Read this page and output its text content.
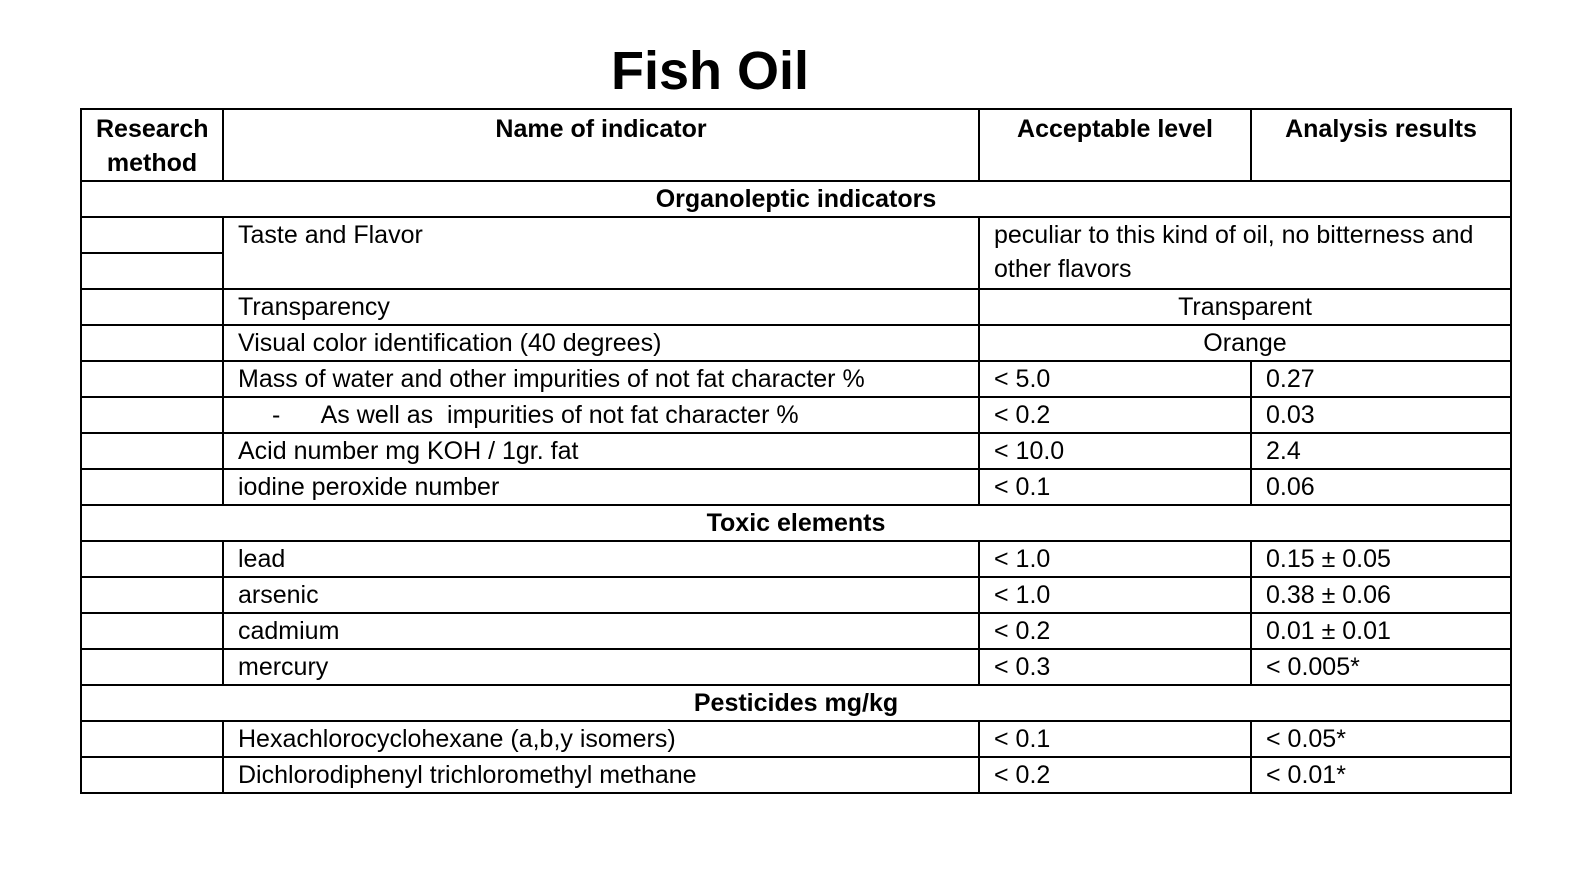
Fish Oil
Research method	Name of indicator	Acceptable level	Analysis results
Organoleptic indicators			

	Taste and Flavor	peculiar to this kind of oil, no bitterness and other flavors	
	Transparency	Transparent	
	Visual color identification (40 degrees)	Orange	
	Mass of water and other impurities of not fat character %	< 5.0	0.27
	-      As well as  impurities of not fat character %	< 0.2	0.03
	Acid number mg KOH / 1gr. fat	< 10.0	2.4
	iodine peroxide number	< 0.1	0.06
Toxic elements			
	lead	< 1.0	0.15 ± 0.05
	arsenic	< 1.0	0.38 ± 0.06
	cadmium	< 0.2	0.01 ± 0.01
	mercury	< 0.3	< 0.005*
Pesticides mg/kg			
	Hexachlorocyclohexane (a,b,y isomers)	< 0.1	< 0.05*
	Dichlorodiphenyl trichloromethyl methane	< 0.2	< 0.01*
